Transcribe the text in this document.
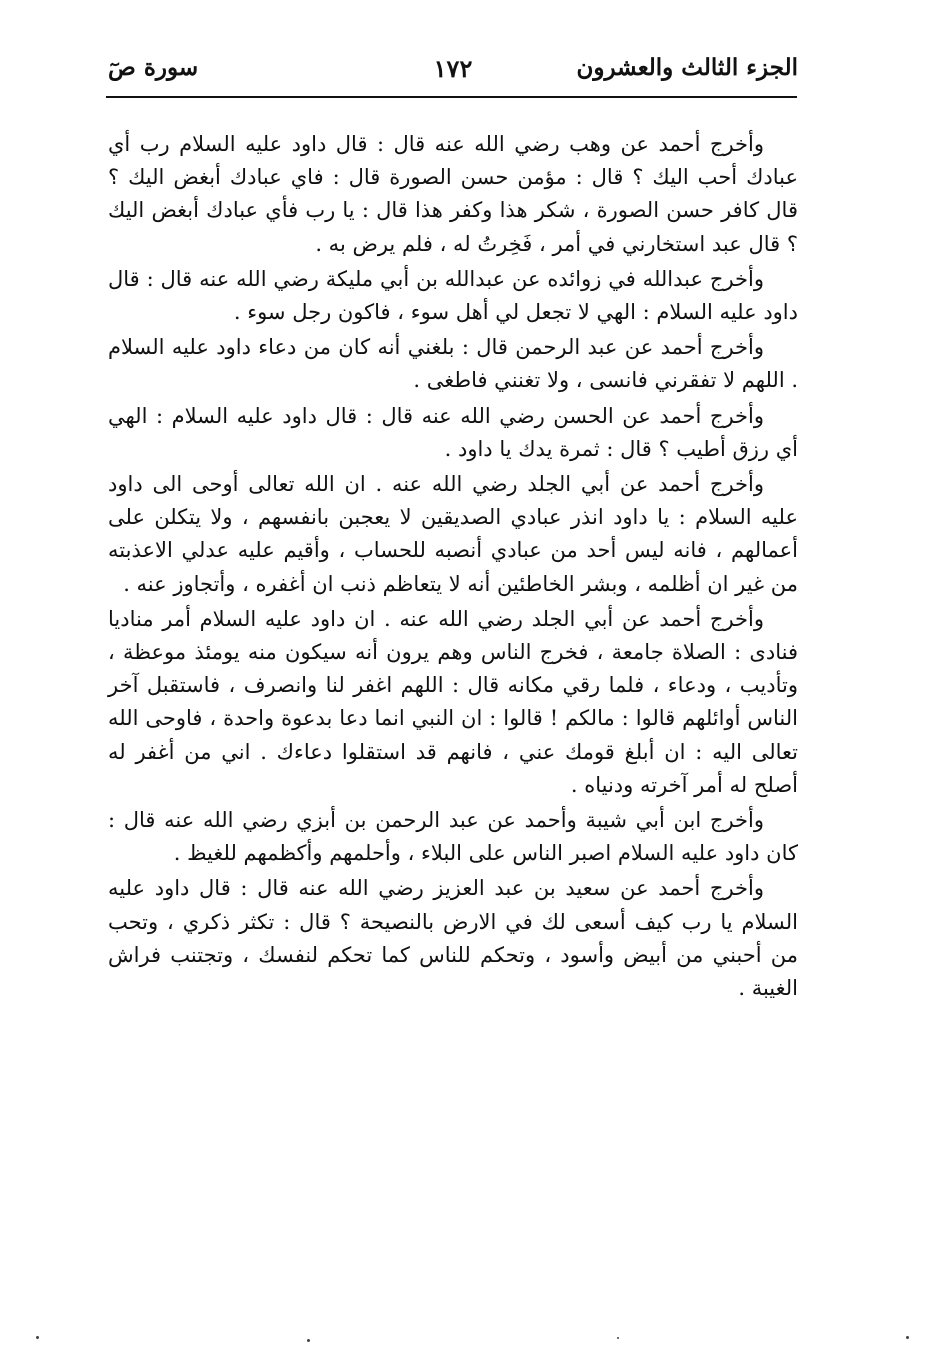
الجزء الثالث والعشرون
١٧٢
سورة صٓ

وأخرج أحمد عن وهب رضي الله عنه قال : قال داود عليه السلام رب أي عبادك أحب اليك ؟ قال : مؤمن حسن الصورة قال : فاي عبادك أبغض اليك ؟ قال كافر حسن الصورة ، شكر هذا وكفر هذا قال : يا رب فأي عبادك أبغض اليك ؟ قال عبد استخارني في أمر ، فَخِرتُ له ، فلم يرض به .

وأخرج عبدالله في زوائده عن عبدالله بن أبي مليكة رضي الله عنه قال : قال داود عليه السلام : الهي لا تجعل لي أهل سوء ، فاكون رجل سوء .

وأخرج أحمد عن عبد الرحمن قال : بلغني أنه كان من دعاء داود عليه السلام . اللهم لا تفقرني فانسى ، ولا تغنني فاطغى .

وأخرج أحمد عن الحسن رضي الله عنه قال : قال داود عليه السلام : الهي أي رزق أطيب ؟ قال : ثمرة يدك يا داود .

وأخرج أحمد عن أبي الجلد رضي الله عنه . ان الله تعالى أوحى الى داود عليه السلام : يا داود انذر عبادي الصديقين لا يعجبن بانفسهم ، ولا يتكلن على أعمالهم ، فانه ليس أحد من عبادي أنصبه للحساب ، وأقيم عليه عدلي الاعذبته من غير ان أظلمه ، وبشر الخاطئين أنه لا يتعاظم ذنب ان أغفره ، وأتجاوز عنه .

وأخرج أحمد عن أبي الجلد رضي الله عنه . ان داود عليه السلام أمر مناديا فنادى : الصلاة جامعة ، فخرج الناس وهم يرون أنه سيكون منه يومئذ موعظة ، وتأديب ، ودعاء ، فلما رقي مكانه قال : اللهم اغفر لنا وانصرف ، فاستقبل آخر الناس أوائلهم قالوا : مالكم ! قالوا : ان النبي انما دعا بدعوة واحدة ، فاوحى الله تعالى اليه : ان أبلغ قومك عني ، فانهم قد استقلوا دعاءك . اني من أغفر له أصلح له أمر آخرته ودنياه .

وأخرج ابن أبي شيبة وأحمد عن عبد الرحمن بن أبزي رضي الله عنه قال : كان داود عليه السلام اصبر الناس على البلاء ، وأحلمهم وأكظمهم للغيظ .

وأخرج أحمد عن سعيد بن عبد العزيز رضي الله عنه قال : قال داود عليه السلام يا رب كيف أسعى لك في الارض بالنصيحة ؟ قال : تكثر ذكري ، وتحب من أحبني من أبيض وأسود ، وتحكم للناس كما تحكم لنفسك ، وتجتنب فراش الغيبة .
